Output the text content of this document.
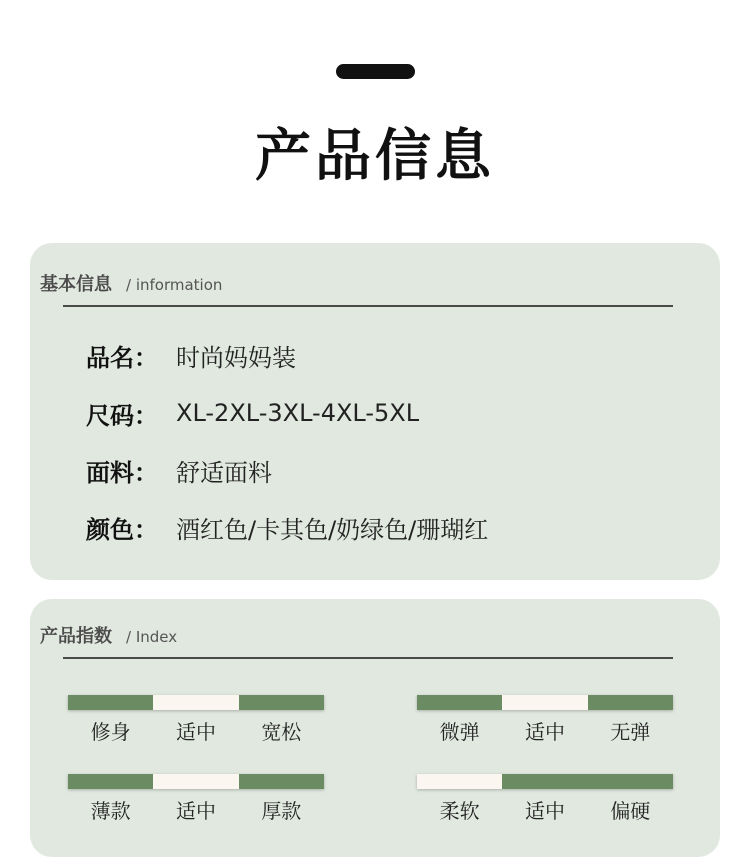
产品信息
基本信息 / information
品名： 时尚妈妈装
尺码： XL-2XL-3XL-4XL-5XL
面料： 舒适面料
颜色： 酒红色/卡其色/奶绿色/珊瑚红
产品指数 / Index
修身	适中	宽松	微弹	适中	无弹
薄款	适中	厚款	柔软	适中	偏硬
